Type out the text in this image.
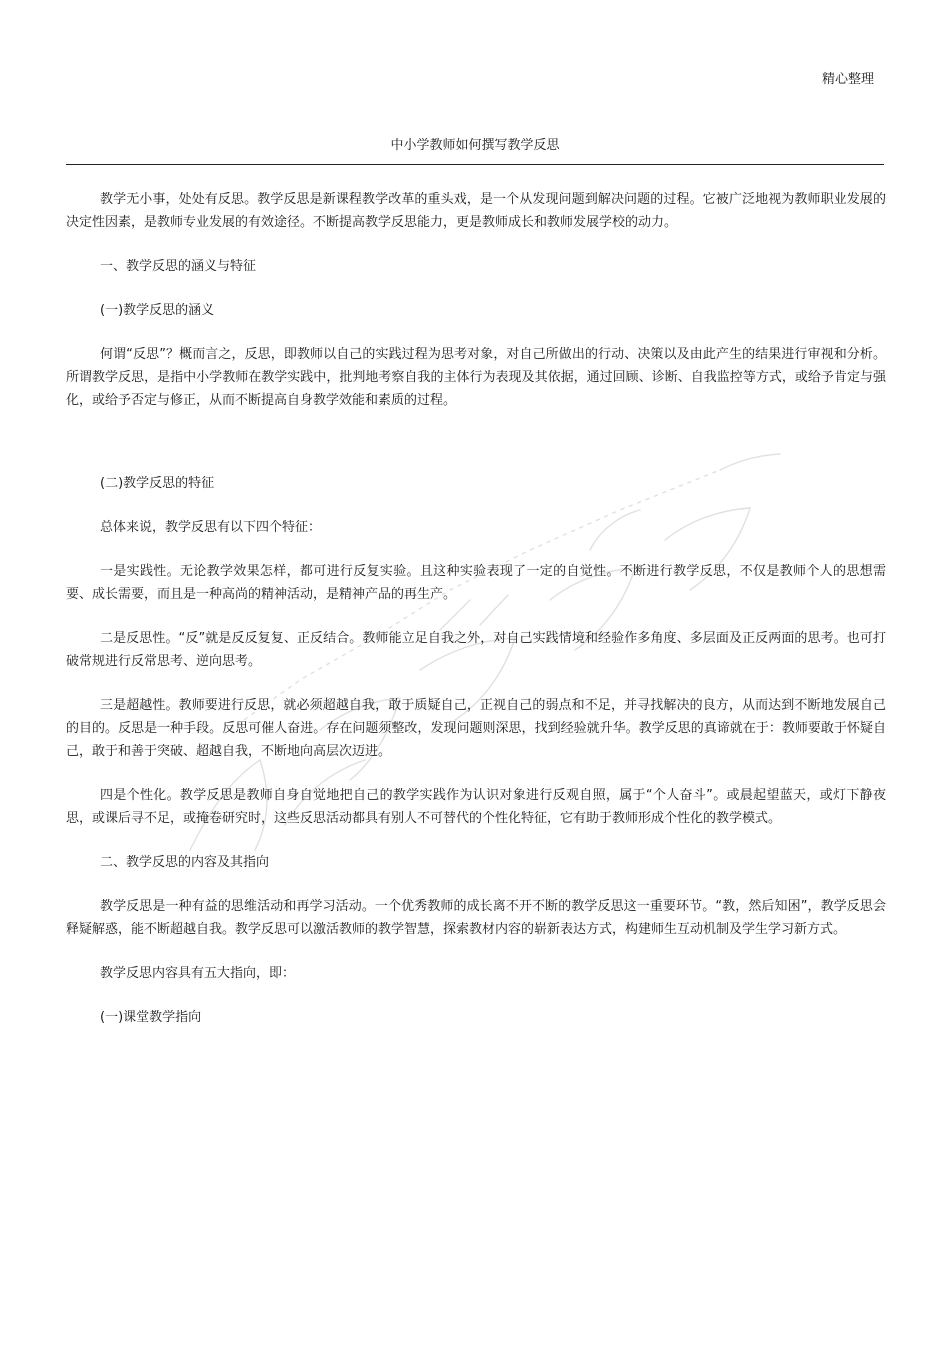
精心整理
中小学教师如何撰写教学反思

教学无小事，处处有反思。教学反思是新课程教学改革的重头戏，是一个从发现问题到解决问题的过程。它被广泛地视为教师职业发展的决定性因素，是教师专业发展的有效途径。不断提高教学反思能力，更是教师成长和教师发展学校的动力。

一、教学反思的涵义与特征

(一)教学反思的涵义

何谓“反思”？概而言之，反思，即教师以自己的实践过程为思考对象，对自己所做出的行动、决策以及由此产生的结果进行审视和分析。所谓教学反思，是指中小学教师在教学实践中，批判地考察自我的主体行为表现及其依据，通过回顾、诊断、自我监控等方式，或给予肯定与强化，或给予否定与修正，从而不断提高自身教学效能和素质的过程。

(二)教学反思的特征

总体来说，教学反思有以下四个特征：

一是实践性。无论教学效果怎样，都可进行反复实验。且这种实验表现了一定的自觉性。不断进行教学反思，不仅是教师个人的思想需要、成长需要，而且是一种高尚的精神活动，是精神产品的再生产。

二是反思性。“反”就是反反复复、正反结合。教师能立足自我之外，对自己实践情境和经验作多角度、多层面及正反两面的思考。也可打破常规进行反常思考、逆向思考。

三是超越性。教师要进行反思，就必须超越自我，敢于质疑自己，正视自己的弱点和不足，并寻找解决的良方，从而达到不断地发展自己的目的。反思是一种手段。反思可催人奋进。存在问题须整改，发现问题则深思，找到经验就升华。教学反思的真谛就在于：教师要敢于怀疑自己，敢于和善于突破、超越自我，不断地向高层次迈进。

四是个性化。教学反思是教师自身自觉地把自己的教学实践作为认识对象进行反观自照，属于“个人奋斗”。或晨起望蓝天，或灯下静夜思，或课后寻不足，或掩卷研究时，这些反思活动都具有别人不可替代的个性化特征，它有助于教师形成个性化的教学模式。

二、教学反思的内容及其指向

教学反思是一种有益的思维活动和再学习活动。一个优秀教师的成长离不开不断的教学反思这一重要环节。“教，然后知困”，教学反思会释疑解惑，能不断超越自我。教学反思可以激活教师的教学智慧，探索教材内容的崭新表达方式，构建师生互动机制及学生学习新方式。

教学反思内容具有五大指向，即：

(一)课堂教学指向
